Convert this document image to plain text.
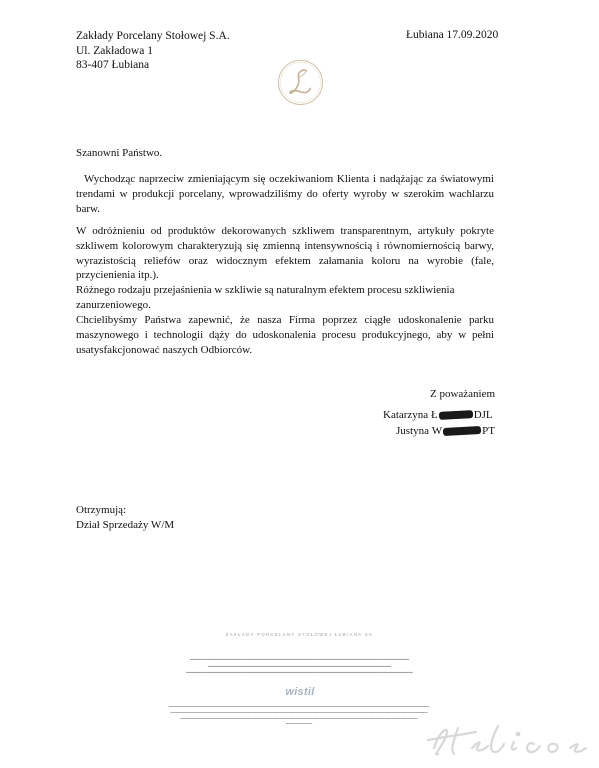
Zakłady Porcelany Stołowej S.A.
Ul. Zakładowa 1
83-407 Łubiana
Łubiana 17.09.2020
Szanowni Państwo.
Wychodząc naprzeciw zmieniającym się oczekiwaniom Klienta i nadążając za światowymi trendami w produkcji porcelany, wprowadziliśmy do oferty wyroby w szerokim wachlarzu barw.
W odróżnieniu od produktów dekorowanych szkliwem transparentnym, artykuły pokryte szkliwem kolorowym charakteryzują się zmienną intensywnością i równomiernością barwy, wyrazistością reliefów oraz widocznym efektem załamania koloru na wyrobie (fale, przycienienia itp.).
Różnego rodzaju przejaśnienia w szkliwie są naturalnym efektem procesu szkliwienia zanurzeniowego.
Chcielibyśmy Państwa zapewnić, że nasza Firma poprzez ciągłe udoskonalenie parku maszynowego i technologii dąży do udoskonalenia procesu produkcyjnego, aby w pełni usatysfakcjonować naszych Odbiorców.
Z poważaniem
Katarzyna
Ł	DJL
Justyna
W	PT
Otrzymują:
Dział Sprzedaży W/M
ZAKŁADY PORCELANY STOŁOWEJ ŁUBIANA SA
▬▬▬▬▬▬▬▬▬▬▬▬▬▬▬▬▬▬▬▬▬▬▬▬▬▬▬▬▬▬▬▬▬▬▬▬▬▬▬▬▬▬▬▬▬▬▬▬▬▬▬▬▬▬▬▬▬▬▬▬▬
▬▬▬▬▬▬▬▬▬▬▬▬▬▬▬▬▬▬▬▬▬▬▬▬▬▬▬▬▬▬▬▬▬▬▬▬▬▬▬▬▬▬▬▬▬▬▬▬▬▬▬
▬▬▬▬▬▬▬▬▬▬▬▬▬▬▬▬▬▬▬▬▬▬▬▬▬▬▬▬▬▬▬▬▬▬▬▬▬▬▬▬▬▬▬▬▬▬▬▬▬▬▬▬▬▬▬▬▬▬▬▬▬▬▬
wistil
▬▬▬▬▬▬▬▬▬▬▬▬▬▬▬▬▬▬▬▬▬▬▬▬▬▬▬▬▬▬▬▬▬▬▬▬▬▬▬▬▬▬▬▬▬▬▬▬▬▬▬▬▬▬▬▬▬▬▬▬▬▬▬▬▬▬▬▬▬▬▬▬▬▬▬▬▬▬▬
▬▬▬▬▬▬▬▬▬▬▬▬▬▬▬▬▬▬▬▬▬▬▬▬▬▬▬▬▬▬▬▬▬▬▬▬▬▬▬▬▬▬▬▬▬▬▬▬▬▬▬▬▬▬▬▬▬▬▬▬▬▬▬▬▬▬▬▬▬▬▬▬▬▬▬▬▬▬
▬▬▬▬▬▬▬▬▬▬▬▬▬▬▬▬▬▬▬▬▬▬▬▬▬▬▬▬▬▬▬▬▬▬▬▬▬▬▬▬▬▬▬▬▬▬▬▬▬▬▬▬▬▬▬▬▬▬▬▬▬▬▬▬▬▬▬▬▬▬▬▬
▬▬▬▬▬▬▬▬
